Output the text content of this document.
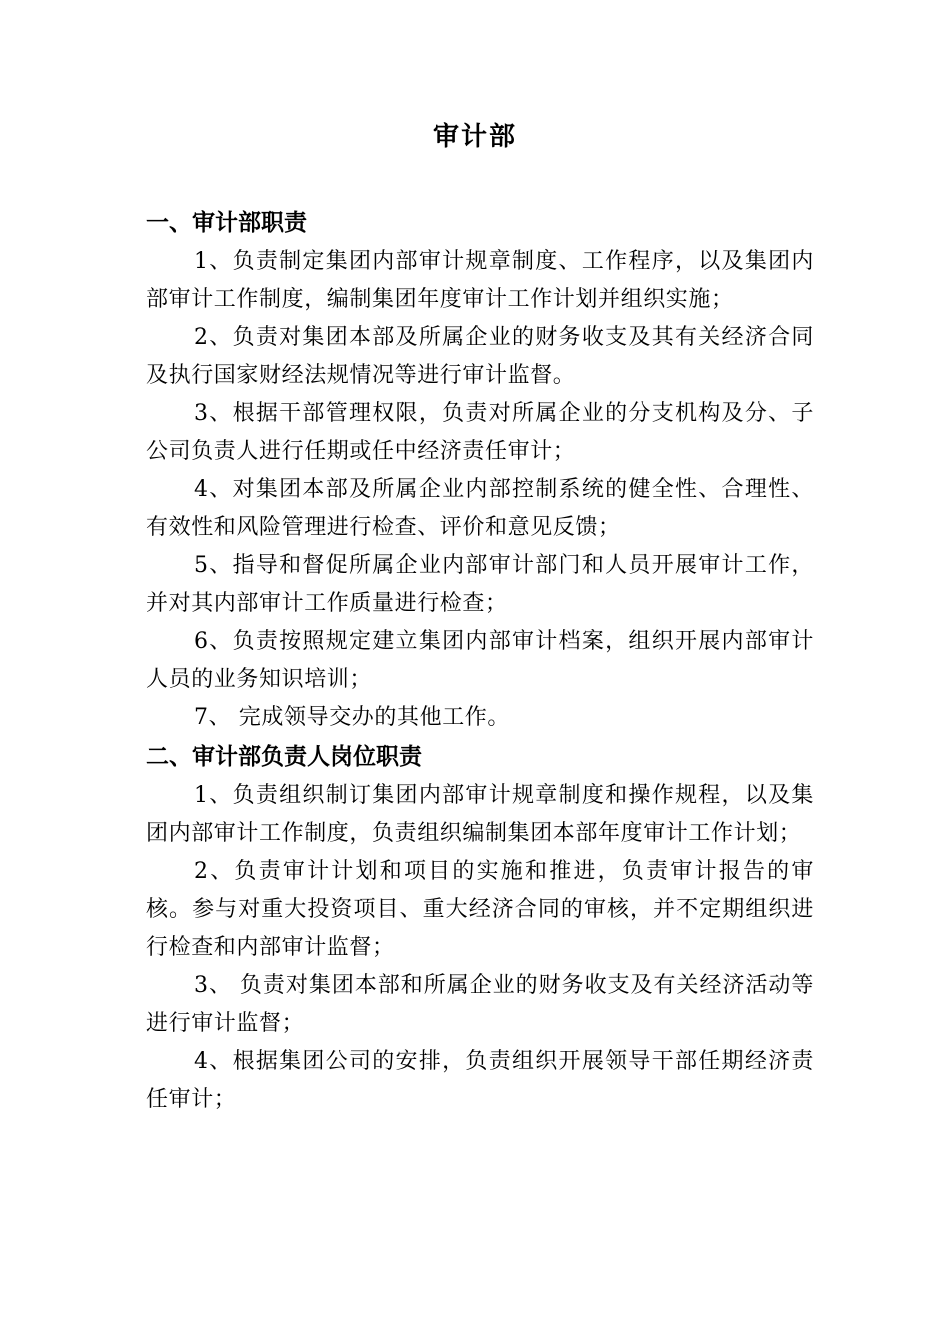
审计部
一、审计部职责

1、负责制定集团内部审计规章制度、工作程序，以及集团内部审计工作制度，编制集团年度审计工作计划并组织实施；

2、负责对集团本部及所属企业的财务收支及其有关经济合同及执行国家财经法规情况等进行审计监督。

3、根据干部管理权限，负责对所属企业的分支机构及分、子公司负责人进行任期或任中经济责任审计；

4、对集团本部及所属企业内部控制系统的健全性、合理性、有效性和风险管理进行检查、评价和意见反馈；

5、指导和督促所属企业内部审计部门和人员开展审计工作，并对其内部审计工作质量进行检查；

6、负责按照规定建立集团内部审计档案，组织开展内部审计人员的业务知识培训；

7、 完成领导交办的其他工作。

二、审计部负责人岗位职责

1、负责组织制订集团内部审计规章制度和操作规程，以及集团内部审计工作制度，负责组织编制集团本部年度审计工作计划；

2、负责审计计划和项目的实施和推进，负责审计报告的审核。参与对重大投资项目、重大经济合同的审核，并不定期组织进行检查和内部审计监督；

3、 负责对集团本部和所属企业的财务收支及有关经济活动等进行审计监督；

4、根据集团公司的安排，负责组织开展领导干部任期经济责任审计；
